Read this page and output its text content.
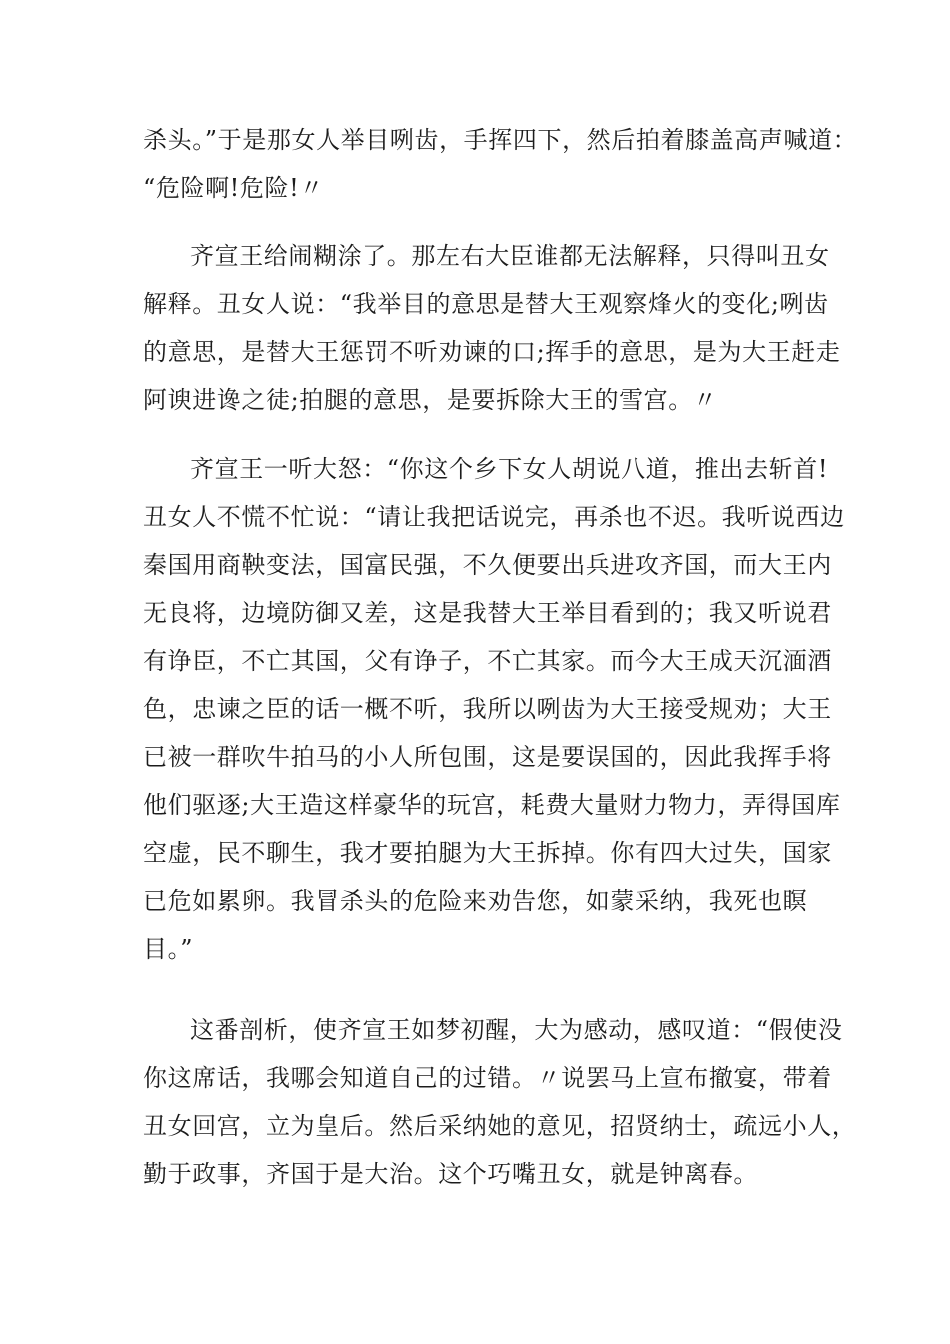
杀头。”于是那女人举目咧齿，手挥四下，然后拍着膝盖高声喊道：
“危险啊!危险!〃
齐宣王给闹糊涂了。那左右大臣谁都无法解释，只得叫丑女
解释。丑女人说：“我举目的意思是替大王观察烽火的变化;咧齿
的意思，是替大王惩罚不听劝谏的口;挥手的意思，是为大王赶走
阿谀进谗之徒;拍腿的意思，是要拆除大王的雪宫。〃
齐宣王一听大怒：“你这个乡下女人胡说八道，推出去斩首!
丑女人不慌不忙说：“请让我把话说完，再杀也不迟。我听说西边
秦国用商鞅变法，国富民强，不久便要出兵进攻齐国，而大王内
无良将，边境防御又差，这是我替大王举目看到的；我又听说君
有诤臣，不亡其国，父有诤子，不亡其家。而今大王成天沉湎酒
色，忠谏之臣的话一概不听，我所以咧齿为大王接受规劝；大王
已被一群吹牛拍马的小人所包围，这是要误国的，因此我挥手将
他们驱逐;大王造这样豪华的玩宫，耗费大量财力物力，弄得国库
空虚，民不聊生，我才要拍腿为大王拆掉。你有四大过失，国家
已危如累卵。我冒杀头的危险来劝告您，如蒙采纳，我死也瞑
目。”
这番剖析，使齐宣王如梦初醒，大为感动，感叹道：“假使没
你这席话，我哪会知道自己的过错。〃说罢马上宣布撤宴，带着
丑女回宫，立为皇后。然后采纳她的意见，招贤纳士，疏远小人，
勤于政事，齐国于是大治。这个巧嘴丑女，就是钟离春。
